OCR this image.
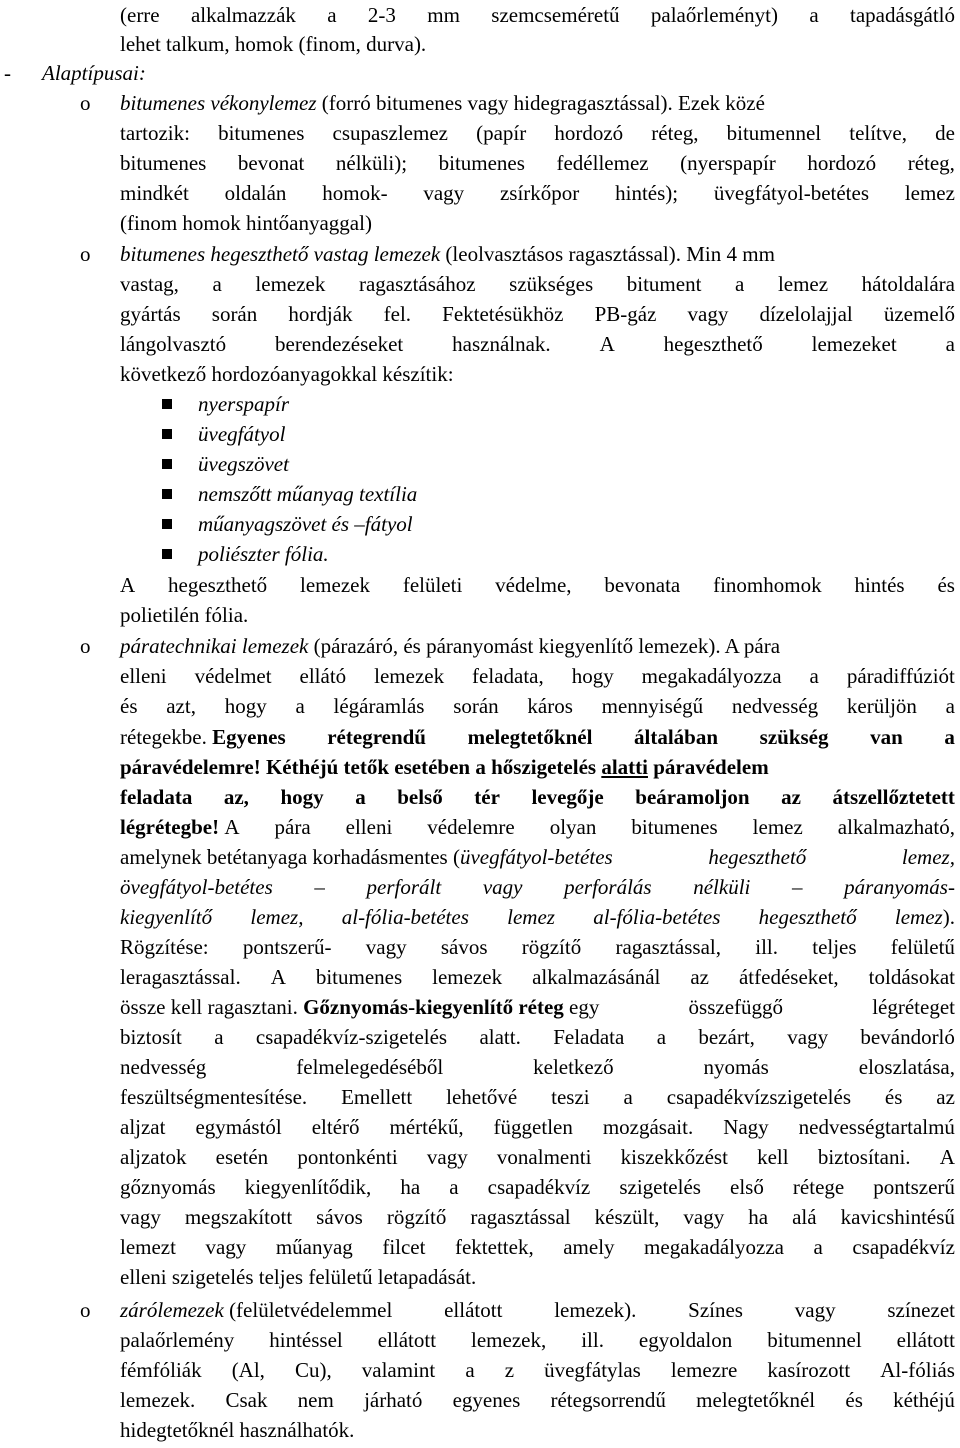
(erre alkalmazzák a 2-3 mm szemcseméretű palaőrleményt) a tapadásgátló
lehet talkum, homok (finom, durva).
- Alaptípusai:
o bitumenes vékonylemez (forró bitumenes vagy hidegragasztással). Ezek közé
tartozik: bitumenes csupaszlemez (papír hordozó réteg, bitumennel telítve, de
bitumenes bevonat nélküli); bitumenes fedéllemez (nyerspapír hordozó réteg,
mindkét oldalán homok- vagy zsírkőpor hintés); üvegfátyol-betétes lemez
(finom homok hintőanyaggal)
o bitumenes hegeszthető vastag lemezek (leolvasztásos ragasztással). Min 4 mm
vastag, a lemezek ragasztásához szükséges bitument a lemez hátoldalára
gyártás során hordják fel. Fektetésükhöz PB-gáz vagy dízelolajjal üzemelő
lángolvasztó berendezéseket használnak. A hegeszthető lemezeket a
következő hordozóanyagokkal készítik:
nyerspapír
üvegfátyol
üvegszövet
nemszőtt műanyag textília
műanyagszövet és –fátyol
poliészter fólia.
A hegeszthető lemezek felületi védelme, bevonata finomhomok hintés és
polietilén fólia.
o páratechnikai lemezek (párazáró, és páranyomást kiegyenlítő lemezek). A pára
elleni védelmet ellátó lemezek feladata, hogy megakadályozza a páradiffúziót
és azt, hogy a légáramlás során káros mennyiségű nedvesség kerüljön a
rétegekbe. Egyenes rétegrendű melegtetőknél általában szükség van a
páravédelemre! Kéthéjú tetők esetében a hőszigetelés alatti páravédelem
feladata az, hogy a belső tér levegője beáramoljon az átszellőztetett
légrétegbe! A pára elleni védelemre olyan bitumenes lemez alkalmazható,
amelynek betétanyaga korhadásmentes ( üvegfátyol-betétes	hegeszthető	lemez,
övegfátyol-betétes – perforált vagy perforálás nélküli – páranyomás-
kiegyenlítő lemez, al-fólia-betétes lemez al-fólia-betétes hegeszthető lemez ).
Rögzítése: pontszerű- vagy sávos rögzítő ragasztással, ill. teljes felületű
leragasztással. A bitumenes lemezek alkalmazásánál az átfedéseket, toldásokat
össze kell ragasztani. Gőznyomás-kiegyenlítő réteg egy	összefüggő	légréteget
biztosít a csapadékvíz-szigetelés alatt. Feladata a bezárt, vagy bevándorló
nedvesség	felmelegedéséből	keletkező	nyomás	eloszlatása,
feszültségmentesítése. Emellett lehetővé teszi a csapadékvízszigetelés és az
aljzat egymástól eltérő mértékű, független mozgásait. Nagy nedvességtartalmú
aljzatok esetén pontonkénti vagy vonalmenti kiszekkőzést kell biztosítani. A
gőznyomás kiegyenlítődik, ha a csapadékvíz szigetelés első rétege pontszerű
vagy megszakított sávos rögzítő ragasztással készült, vagy ha alá kavicshintésű
lemezt vagy műanyag filcet fektettek, amely megakadályozza a csapadékvíz
elleni szigetelés teljes felületű letapadását.
o zárólemezek (felületvédelemmel ellátott lemezek). Színes vagy színezet
palaőrlemény hintéssel ellátott lemezek, ill. egyoldalon bitumennel ellátott
fémfóliák (Al, Cu), valamint a z üvegfátylas lemezre kasírozott Al-fóliás
lemezek. Csak nem járható egyenes rétegsorrendű melegtetőknél és kéthéjú
hidegtetőknél használhatók.
